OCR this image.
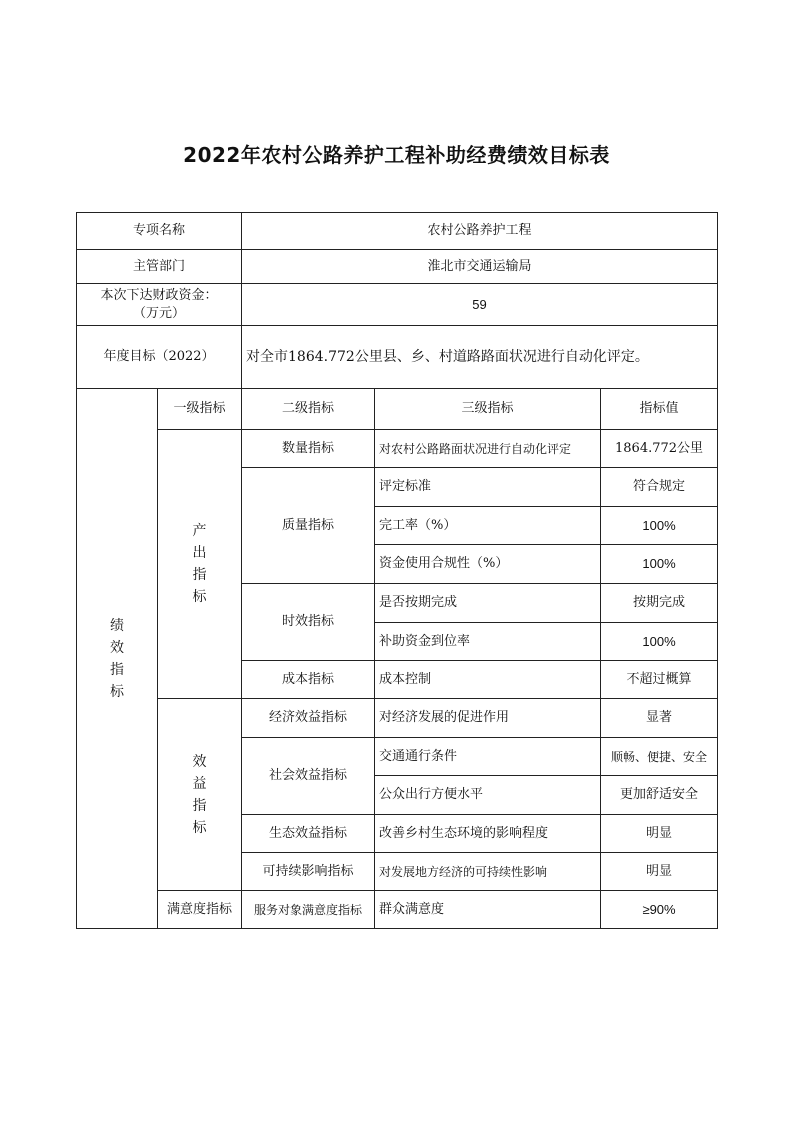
2022年农村公路养护工程补助经费绩效目标表
专项名称		农村公路养护工程		
主管部门		淮北市交通运输局		

本次下达财政资金：
（万元）		59		
年度目标（2022）		对全市1864.772公里县、乡、村道路路面状况进行自动化评定。		
绩效指标	一级指标	二级指标	三级指标	指标值
	产出指标	数量指标	对农村公路路面状况进行自动化评定	1864.772公里
		质量指标	评定标准	符合规定
			完工率（%）	100%
			资金使用合规性（%）	100%
		时效指标	是否按期完成	按期完成
			补助资金到位率	100%
		成本指标	成本控制	不超过概算
	效益指标	经济效益指标	对经济发展的促进作用	显著
		社会效益指标	交通通行条件	顺畅、便捷、安全
			公众出行方便水平	更加舒适安全
		生态效益指标	改善乡村生态环境的影响程度	明显
		可持续影响指标	对发展地方经济的可持续性影响	明显
	满意度指标	服务对象满意度指标	群众满意度	≥90%
